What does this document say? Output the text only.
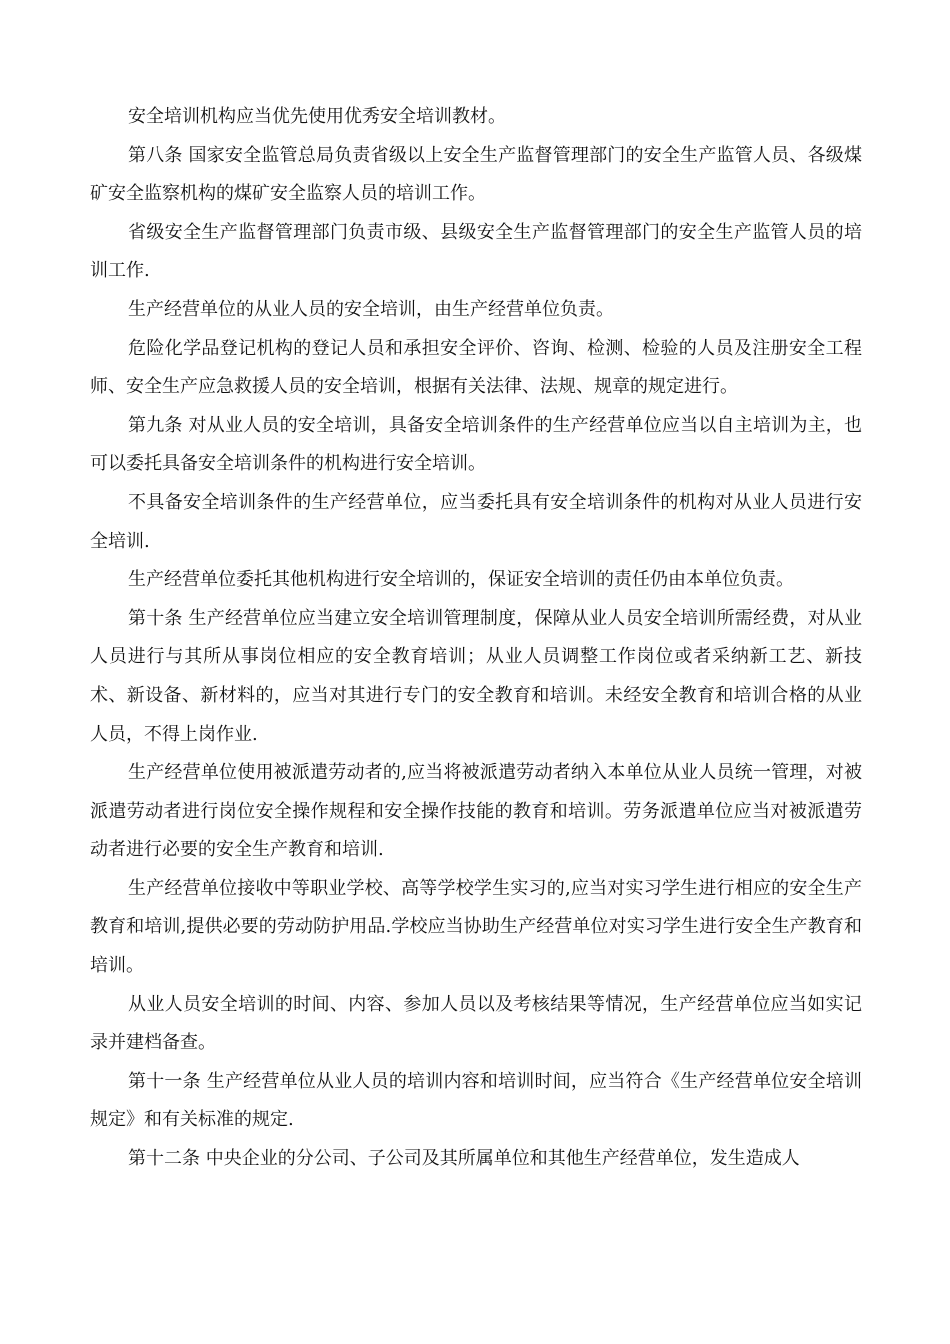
安全培训机构应当优先使用优秀安全培训教材。

第八条 国家安全监管总局负责省级以上安全生产监督管理部门的安全生产监管人员、各级煤矿安全监察机构的煤矿安全监察人员的培训工作。

省级安全生产监督管理部门负责市级、县级安全生产监督管理部门的安全生产监管人员的培训工作.

生产经营单位的从业人员的安全培训，由生产经营单位负责。

危险化学品登记机构的登记人员和承担安全评价、咨询、检测、检验的人员及注册安全工程师、安全生产应急救援人员的安全培训，根据有关法律、法规、规章的规定进行。

第九条 对从业人员的安全培训，具备安全培训条件的生产经营单位应当以自主培训为主，也可以委托具备安全培训条件的机构进行安全培训。

不具备安全培训条件的生产经营单位，应当委托具有安全培训条件的机构对从业人员进行安全培训.

生产经营单位委托其他机构进行安全培训的，保证安全培训的责任仍由本单位负责。

第十条 生产经营单位应当建立安全培训管理制度，保障从业人员安全培训所需经费，对从业人员进行与其所从事岗位相应的安全教育培训；从业人员调整工作岗位或者采纳新工艺、新技术、新设备、新材料的，应当对其进行专门的安全教育和培训。未经安全教育和培训合格的从业人员，不得上岗作业.

生产经营单位使用被派遣劳动者的,应当将被派遣劳动者纳入本单位从业人员统一管理，对被派遣劳动者进行岗位安全操作规程和安全操作技能的教育和培训。劳务派遣单位应当对被派遣劳动者进行必要的安全生产教育和培训.

生产经营单位接收中等职业学校、高等学校学生实习的,应当对实习学生进行相应的安全生产教育和培训,提供必要的劳动防护用品.学校应当协助生产经营单位对实习学生进行安全生产教育和培训。

从业人员安全培训的时间、内容、参加人员以及考核结果等情况，生产经营单位应当如实记录并建档备查。

第十一条 生产经营单位从业人员的培训内容和培训时间，应当符合《生产经营单位安全培训规定》和有关标准的规定.

第十二条 中央企业的分公司、子公司及其所属单位和其他生产经营单位，发生造成人
